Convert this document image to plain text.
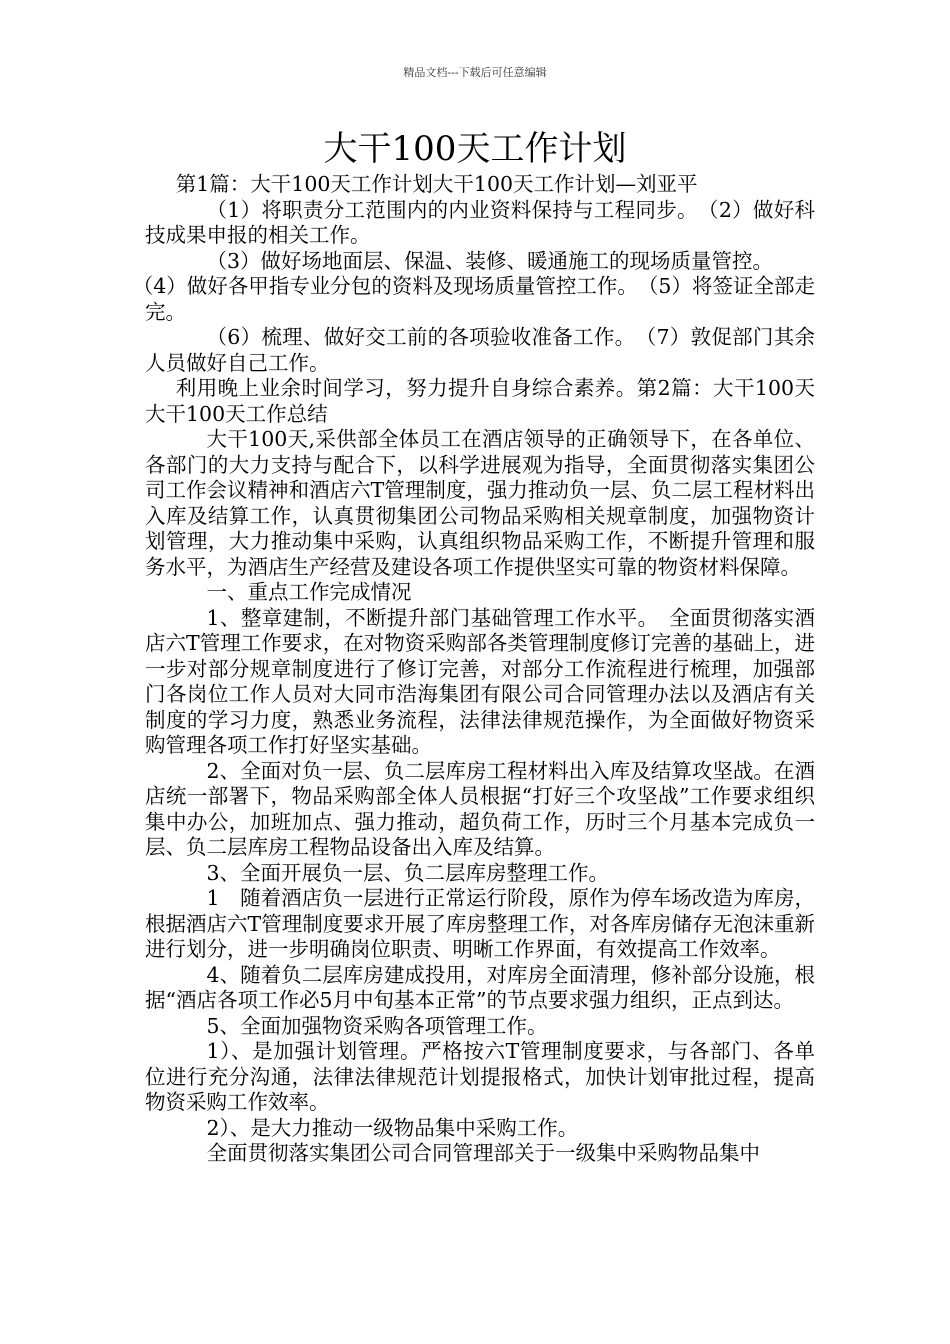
精品文档---下载后可任意编辑
大干100天工作计划

第1篇：大干100天工作计划大干100天工作计划—刘亚平

（1）将职责分工范围内的内业资料保持与工程同步。　（2）做好科技成果申报的相关工作。

（3）做好场地面层、保温、装修、暖通施工的现场质量管控。

（4）做好各甲指专业分包的资料及现场质量管控工作。　（5）将签证全部走完。

（6）梳理、做好交工前的各项验收准备工作。　（7）敦促部门其余人员做好自己工作。

利用晚上业余时间学习，努力提升自身综合素养。第2篇：大干100天大干100天工作总结

大干100天,采供部全体员工在酒店领导的正确领导下，在各单位、各部门的大力支持与配合下，以科学进展观为指导，全面贯彻落实集团公司工作会议精神和酒店六T管理制度，强力推动负一层、负二层工程材料出入库及结算工作，认真贯彻集团公司物品采购相关规章制度，加强物资计划管理，大力推动集中采购，认真组织物品采购工作，不断提升管理和服务水平，为酒店生产经营及建设各项工作提供坚实可靠的物资材料保障。

一、重点工作完成情况

1、整章建制，不断提升部门基础管理工作水平。　全面贯彻落实酒店六T管理工作要求，在对物资采购部各类管理制度修订完善的基础上，进一步对部分规章制度进行了修订完善，对部分工作流程进行梳理，加强部门各岗位工作人员对大同市浩海集团有限公司合同管理办法以及酒店有关制度的学习力度，熟悉业务流程，法律法律规范操作，为全面做好物资采购管理各项工作打好坚实基础。

2、全面对负一层、负二层库房工程材料出入库及结算攻坚战。在酒店统一部署下，物品采购部全体人员根据“打好三个攻坚战”工作要求组织集中办公，加班加点、强力推动，超负荷工作，历时三个月基本完成负一层、负二层库房工程物品设备出入库及结算。

3、全面开展负一层、负二层库房整理工作。

1　随着酒店负一层进行正常运行阶段，原作为停车场改造为库房，根据酒店六T管理制度要求开展了库房整理工作，对各库房储存无泡沫重新进行划分，进一步明确岗位职责、明晰工作界面，有效提高工作效率。

4、随着负二层库房建成投用，对库房全面清理，修补部分设施，根据“酒店各项工作必5月中旬基本正常”的节点要求强力组织，正点到达。

5、全面加强物资采购各项管理工作。

1）、是加强计划管理。严格按六T管理制度要求，与各部门、各单位进行充分沟通，法律法律规范计划提报格式，加快计划审批过程，提高物资采购工作效率。

2）、是大力推动一级物品集中采购工作。

全面贯彻落实集团公司合同管理部关于一级集中采购物品集中
